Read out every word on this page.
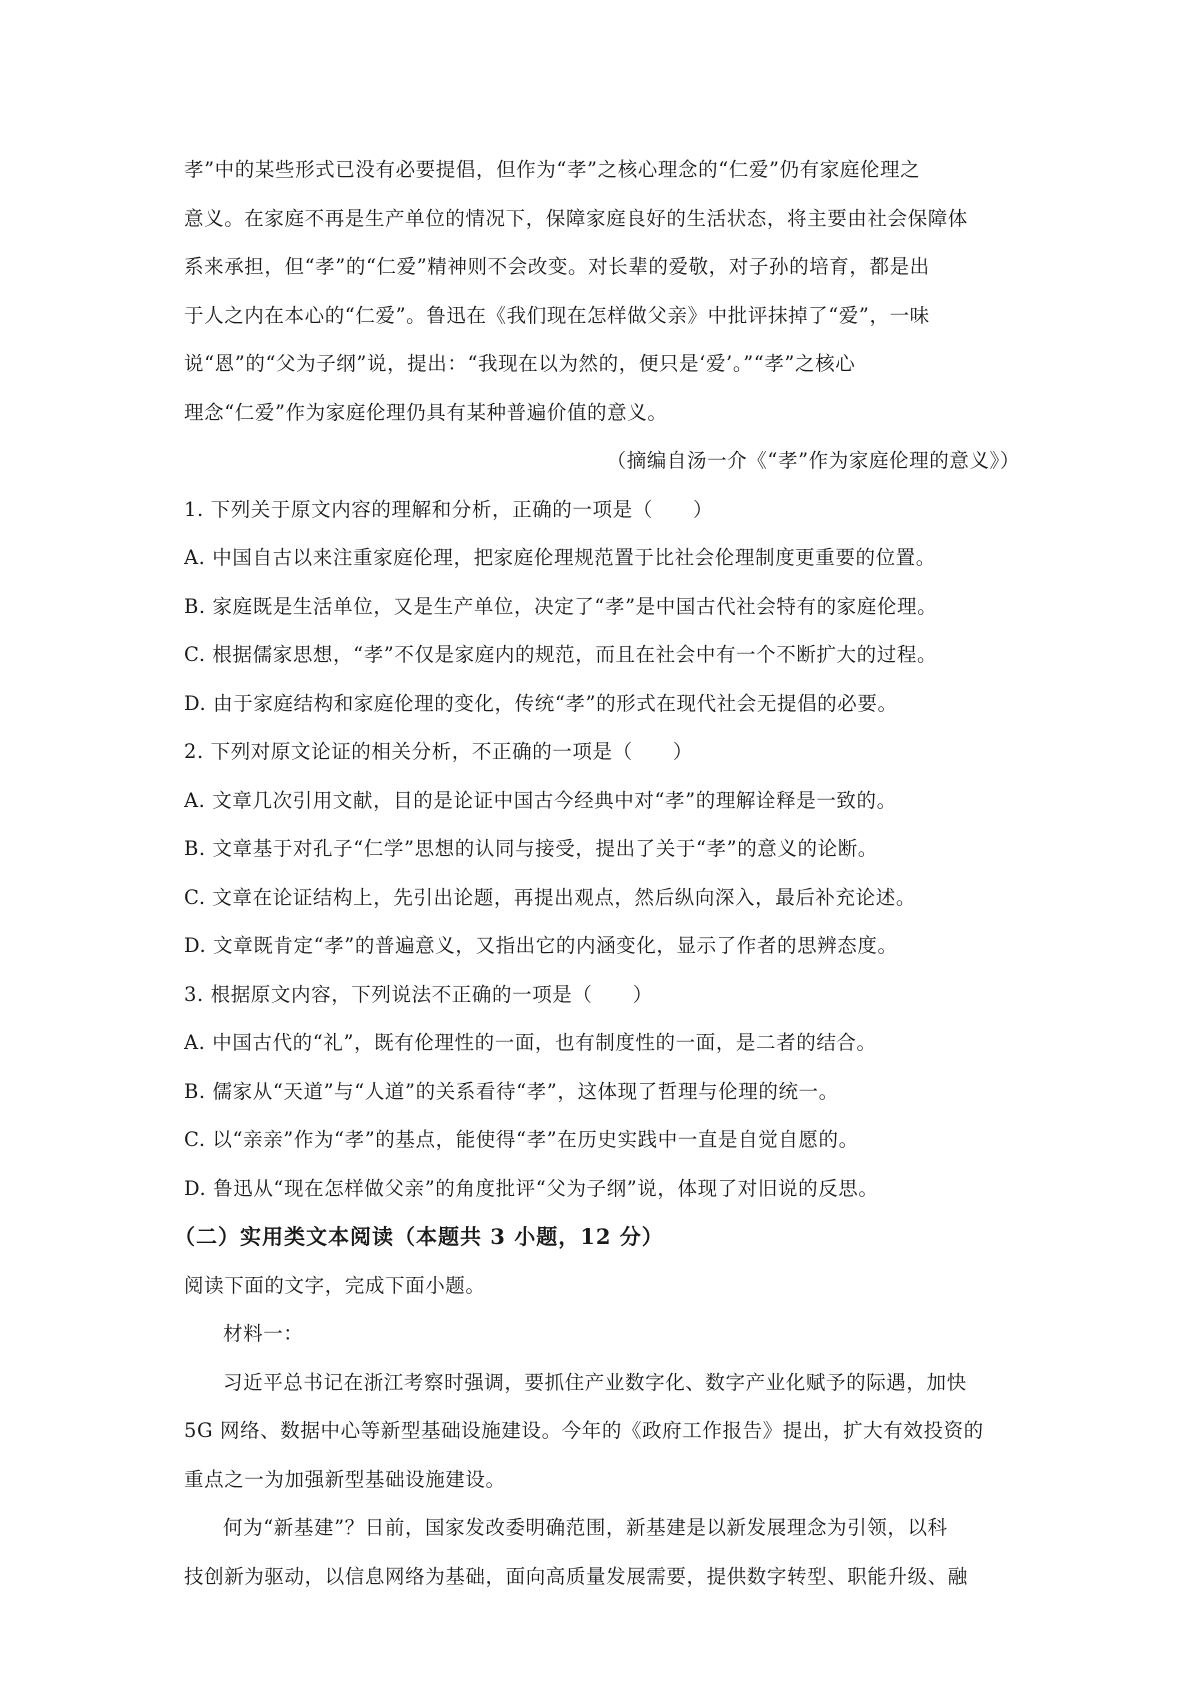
孝”中的某些形式已没有必要提倡，但作为“孝”之核心理念的“仁爱”仍有家庭伦理之
意义。在家庭不再是生产单位的情况下，保障家庭良好的生活状态，将主要由社会保障体
系来承担，但“孝”的“仁爱”精神则不会改变。对长辈的爱敬，对子孙的培育，都是出
于人之内在本心的“仁爱”。鲁迅在《我们现在怎样做父亲》中批评抹掉了“爱”，一味
说“恩”的“父为子纲”说，提出：“我现在以为然的，便只是‘爱’。”“孝”之核心
理念“仁爱”作为家庭伦理仍具有某种普遍价值的意义。
（摘编自汤一介《“孝”作为家庭伦理的意义》）
1. 下列关于原文内容的理解和分析，正确的一项是（　　）
A. 中国自古以来注重家庭伦理，把家庭伦理规范置于比社会伦理制度更重要的位置。
B. 家庭既是生活单位，又是生产单位，决定了“孝”是中国古代社会特有的家庭伦理。
C. 根据儒家思想，“孝”不仅是家庭内的规范，而且在社会中有一个不断扩大的过程。
D. 由于家庭结构和家庭伦理的变化，传统“孝”的形式在现代社会无提倡的必要。
2. 下列对原文论证的相关分析，不正确的一项是（　　）
A. 文章几次引用文献，目的是论证中国古今经典中对“孝”的理解诠释是一致的。
B. 文章基于对孔子“仁学”思想的认同与接受，提出了关于“孝”的意义的论断。
C. 文章在论证结构上，先引出论题，再提出观点，然后纵向深入，最后补充论述。
D. 文章既肯定“孝”的普遍意义，又指出它的内涵变化，显示了作者的思辨态度。
3. 根据原文内容，下列说法不正确的一项是（　　）
A. 中国古代的“礼”，既有伦理性的一面，也有制度性的一面，是二者的结合。
B. 儒家从“天道”与“人道”的关系看待“孝”，这体现了哲理与伦理的统一。
C. 以“亲亲”作为“孝”的基点，能使得“孝”在历史实践中一直是自觉自愿的。
D. 鲁迅从“现在怎样做父亲”的角度批评“父为子纲”说，体现了对旧说的反思。
（二）实用类文本阅读（本题共 3 小题，12 分）
阅读下面的文字，完成下面小题。
材料一：
习近平总书记在浙江考察时强调，要抓住产业数字化、数字产业化赋予的际遇，加快
5G 网络、数据中心等新型基础设施建设。今年的《政府工作报告》提出，扩大有效投资的
重点之一为加强新型基础设施建设。
何为“新基建”？日前，国家发改委明确范围，新基建是以新发展理念为引领，以科
技创新为驱动，以信息网络为基础，面向高质量发展需要，提供数字转型、职能升级、融
